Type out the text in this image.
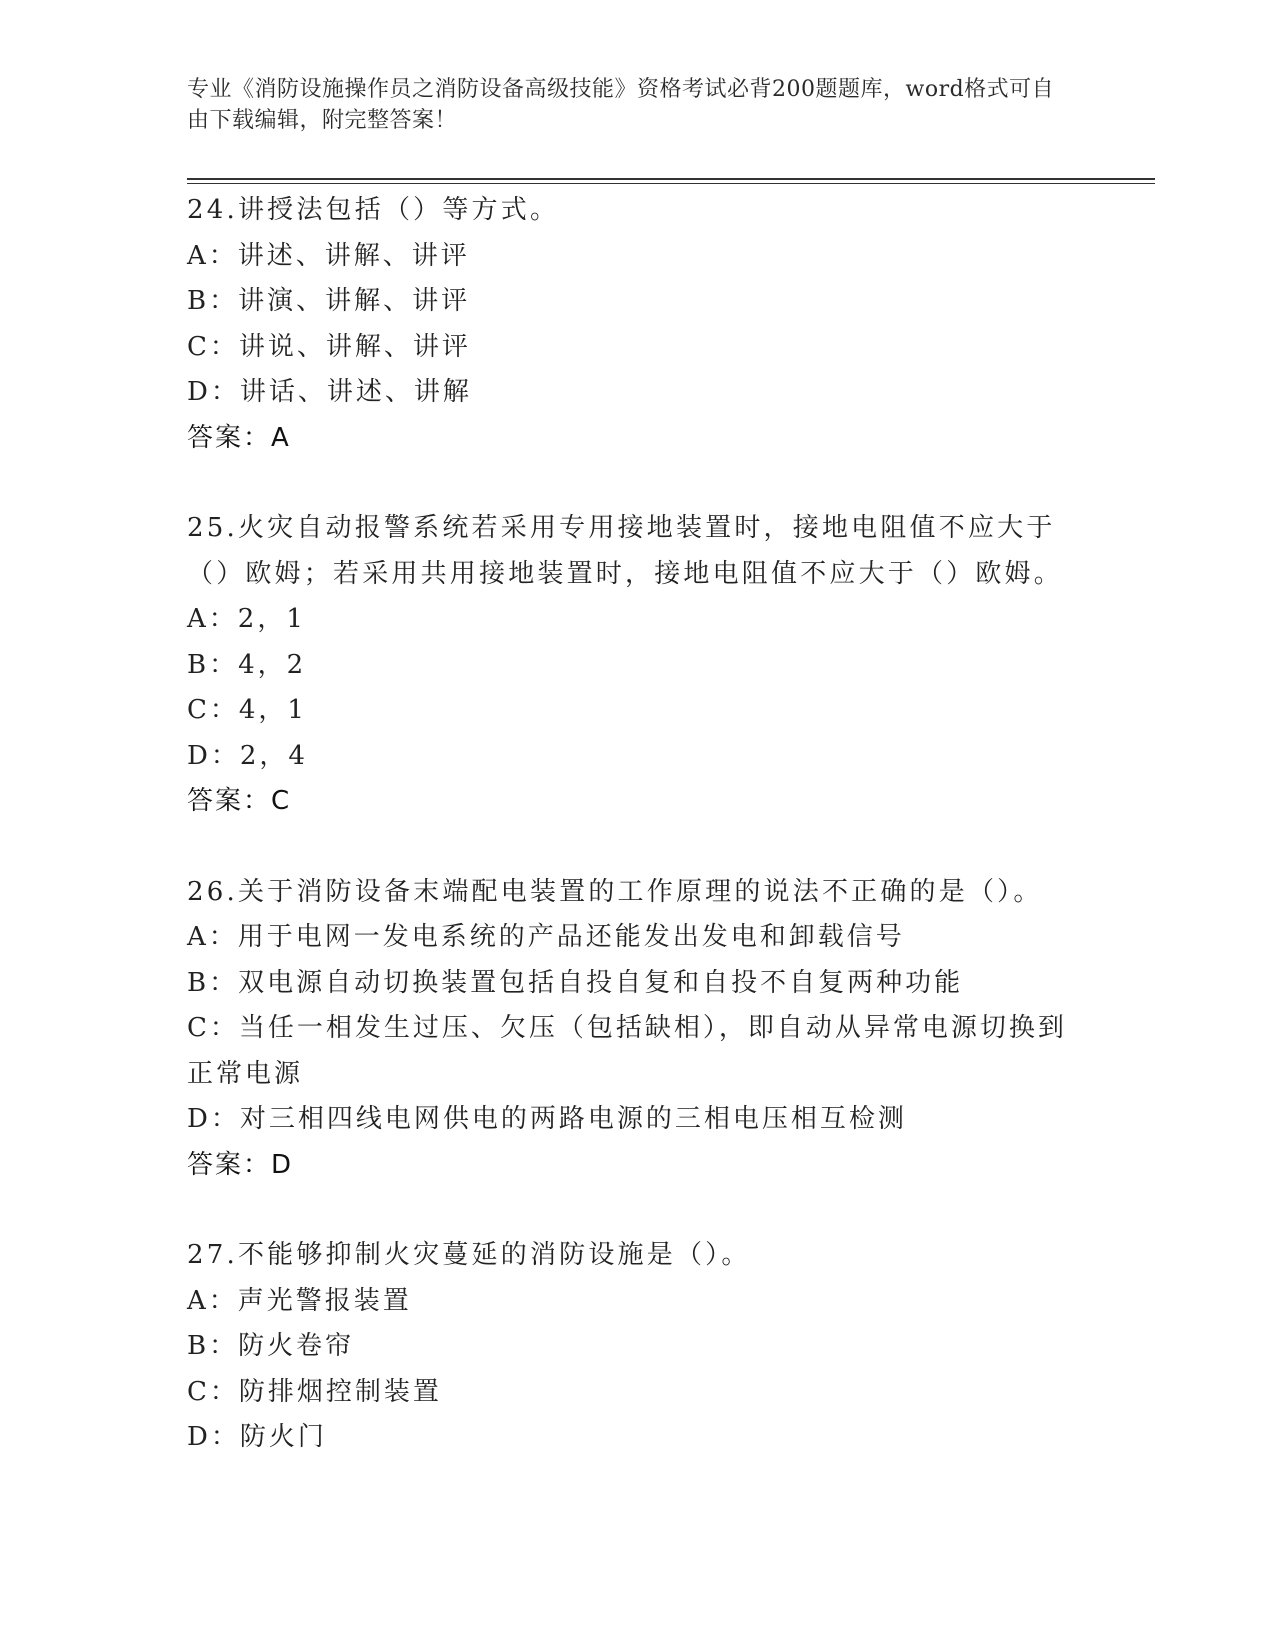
专业《消防设施操作员之消防设备高级技能》资格考试必背200题题库，word格式可自由下载编辑，附完整答案！
24.讲授法包括（）等方式。
A：讲述、讲解、讲评
B：讲演、讲解、讲评
C：讲说、讲解、讲评
D：讲话、讲述、讲解
答案：A
25.火灾自动报警系统若采用专用接地装置时，接地电阻值不应大于（）欧姆；若采用共用接地装置时，接地电阻值不应大于（）欧姆。
A：2，1
B：4，2
C：4，1
D：2，4
答案：C
26.关于消防设备末端配电装置的工作原理的说法不正确的是（）。
A：用于电网一发电系统的产品还能发出发电和卸载信号
B：双电源自动切换装置包括自投自复和自投不自复两种功能
C：当任一相发生过压、欠压（包括缺相），即自动从异常电源切换到正常电源
D：对三相四线电网供电的两路电源的三相电压相互检测
答案：D
27.不能够抑制火灾蔓延的消防设施是（）。
A：声光警报装置
B：防火卷帘
C：防排烟控制装置
D：防火门
